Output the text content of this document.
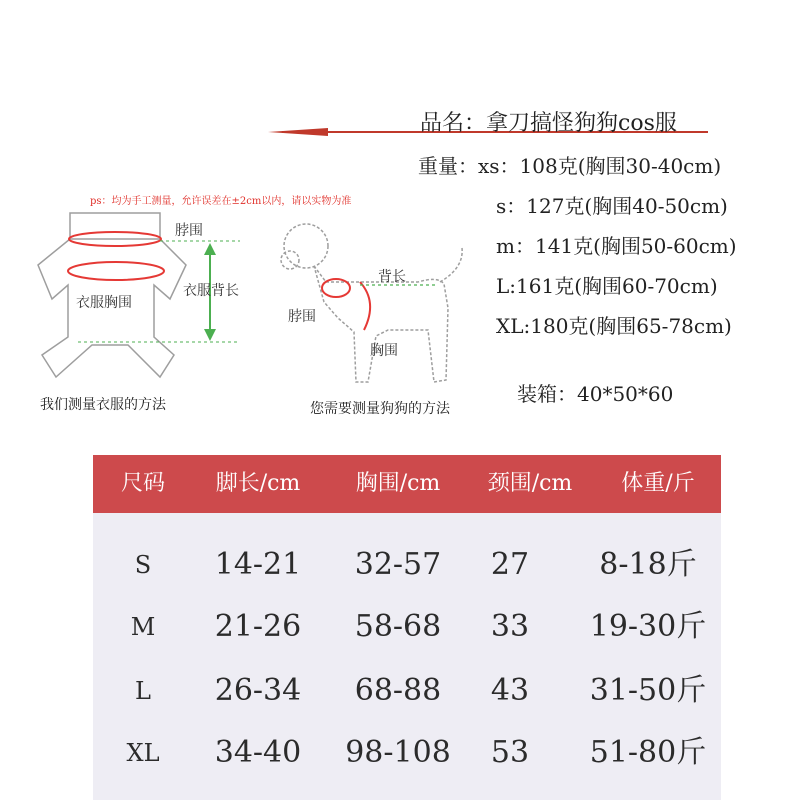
品名：拿刀搞怪狗狗cos服
重量：xs：108克(胸围30-40cm)
s：127克(胸围40-50cm)
m：141克(胸围50-60cm)
L:161克(胸围60-70cm)
XL:180克(胸围65-78cm)
装箱：40*50*60
ps：均为手工测量，允许误差在±2cm以内，请以实物为准
脖围
衣服背长
衣服胸围
我们测量衣服的方法
背长
脖围
胸围
您需要测量狗狗的方法
尺码	脚长/cm	胸围/cm	颈围/cm	体重/斤
S	14-21	32-57	27	8-18斤
M	21-26	58-68	33	19-30斤
L	26-34	68-88	43	31-50斤
XL	34-40	98-108	53	51-80斤
